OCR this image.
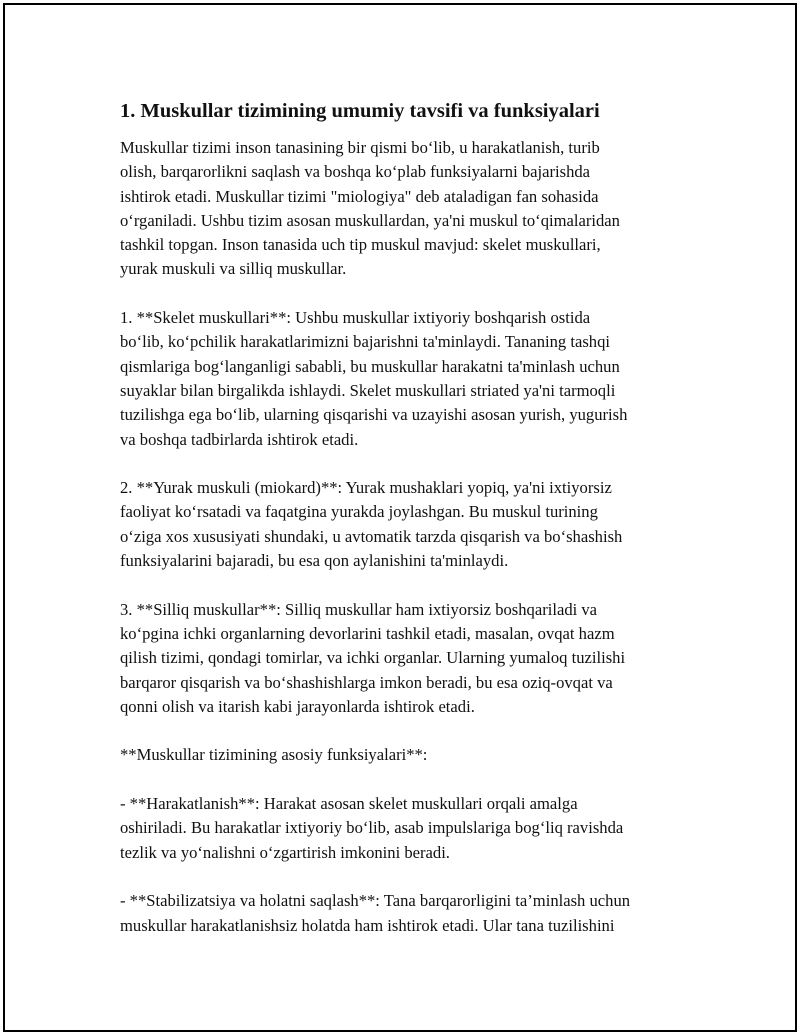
1. Muskullar tizimining umumiy tavsifi va funksiyalari
Muskullar tizimi inson tanasining bir qismi bo‘lib, u harakatlanish, turib
olish, barqarorlikni saqlash va boshqa ko‘plab funksiyalarni bajarishda
ishtirok etadi. Muskullar tizimi "miologiya" deb ataladigan fan sohasida
o‘rganiladi. Ushbu tizim asosan muskullardan, ya'ni muskul to‘qimalaridan
tashkil topgan. Inson tanasida uch tip muskul mavjud: skelet muskullari,
yurak muskuli va silliq muskullar.
1. **Skelet muskullari**: Ushbu muskullar ixtiyoriy boshqarish ostida
bo‘lib, ko‘pchilik harakatlarimizni bajarishni ta'minlaydi. Tananing tashqi
qismlariga bog‘langanligi sababli, bu muskullar harakatni ta'minlash uchun
suyaklar bilan birgalikda ishlaydi. Skelet muskullari striated ya'ni tarmoqli
tuzilishga ega bo‘lib, ularning qisqarishi va uzayishi asosan yurish, yugurish
va boshqa tadbirlarda ishtirok etadi.
2. **Yurak muskuli (miokard)**: Yurak mushaklari yopiq, ya'ni ixtiyorsiz
faoliyat ko‘rsatadi va faqatgina yurakda joylashgan. Bu muskul turining
o‘ziga xos xususiyati shundaki, u avtomatik tarzda qisqarish va bo‘shashish
funksiyalarini bajaradi, bu esa qon aylanishini ta'minlaydi.
3. **Silliq muskullar**: Silliq muskullar ham ixtiyorsiz boshqariladi va
ko‘pgina ichki organlarning devorlarini tashkil etadi, masalan, ovqat hazm
qilish tizimi, qondagi tomirlar, va ichki organlar. Ularning yumaloq tuzilishi
barqaror qisqarish va bo‘shashishlarga imkon beradi, bu esa oziq-ovqat va
qonni olish va itarish kabi jarayonlarda ishtirok etadi.
**Muskullar tizimining asosiy funksiyalari**:
- **Harakatlanish**: Harakat asosan skelet muskullari orqali amalga
oshiriladi. Bu harakatlar ixtiyoriy bo‘lib, asab impulslariga bog‘liq ravishda
tezlik va yo‘nalishni o‘zgartirish imkonini beradi.
- **Stabilizatsiya va holatni saqlash**: Tana barqarorligini ta’minlash uchun
muskullar harakatlanishsiz holatda ham ishtirok etadi. Ular tana tuzilishini
